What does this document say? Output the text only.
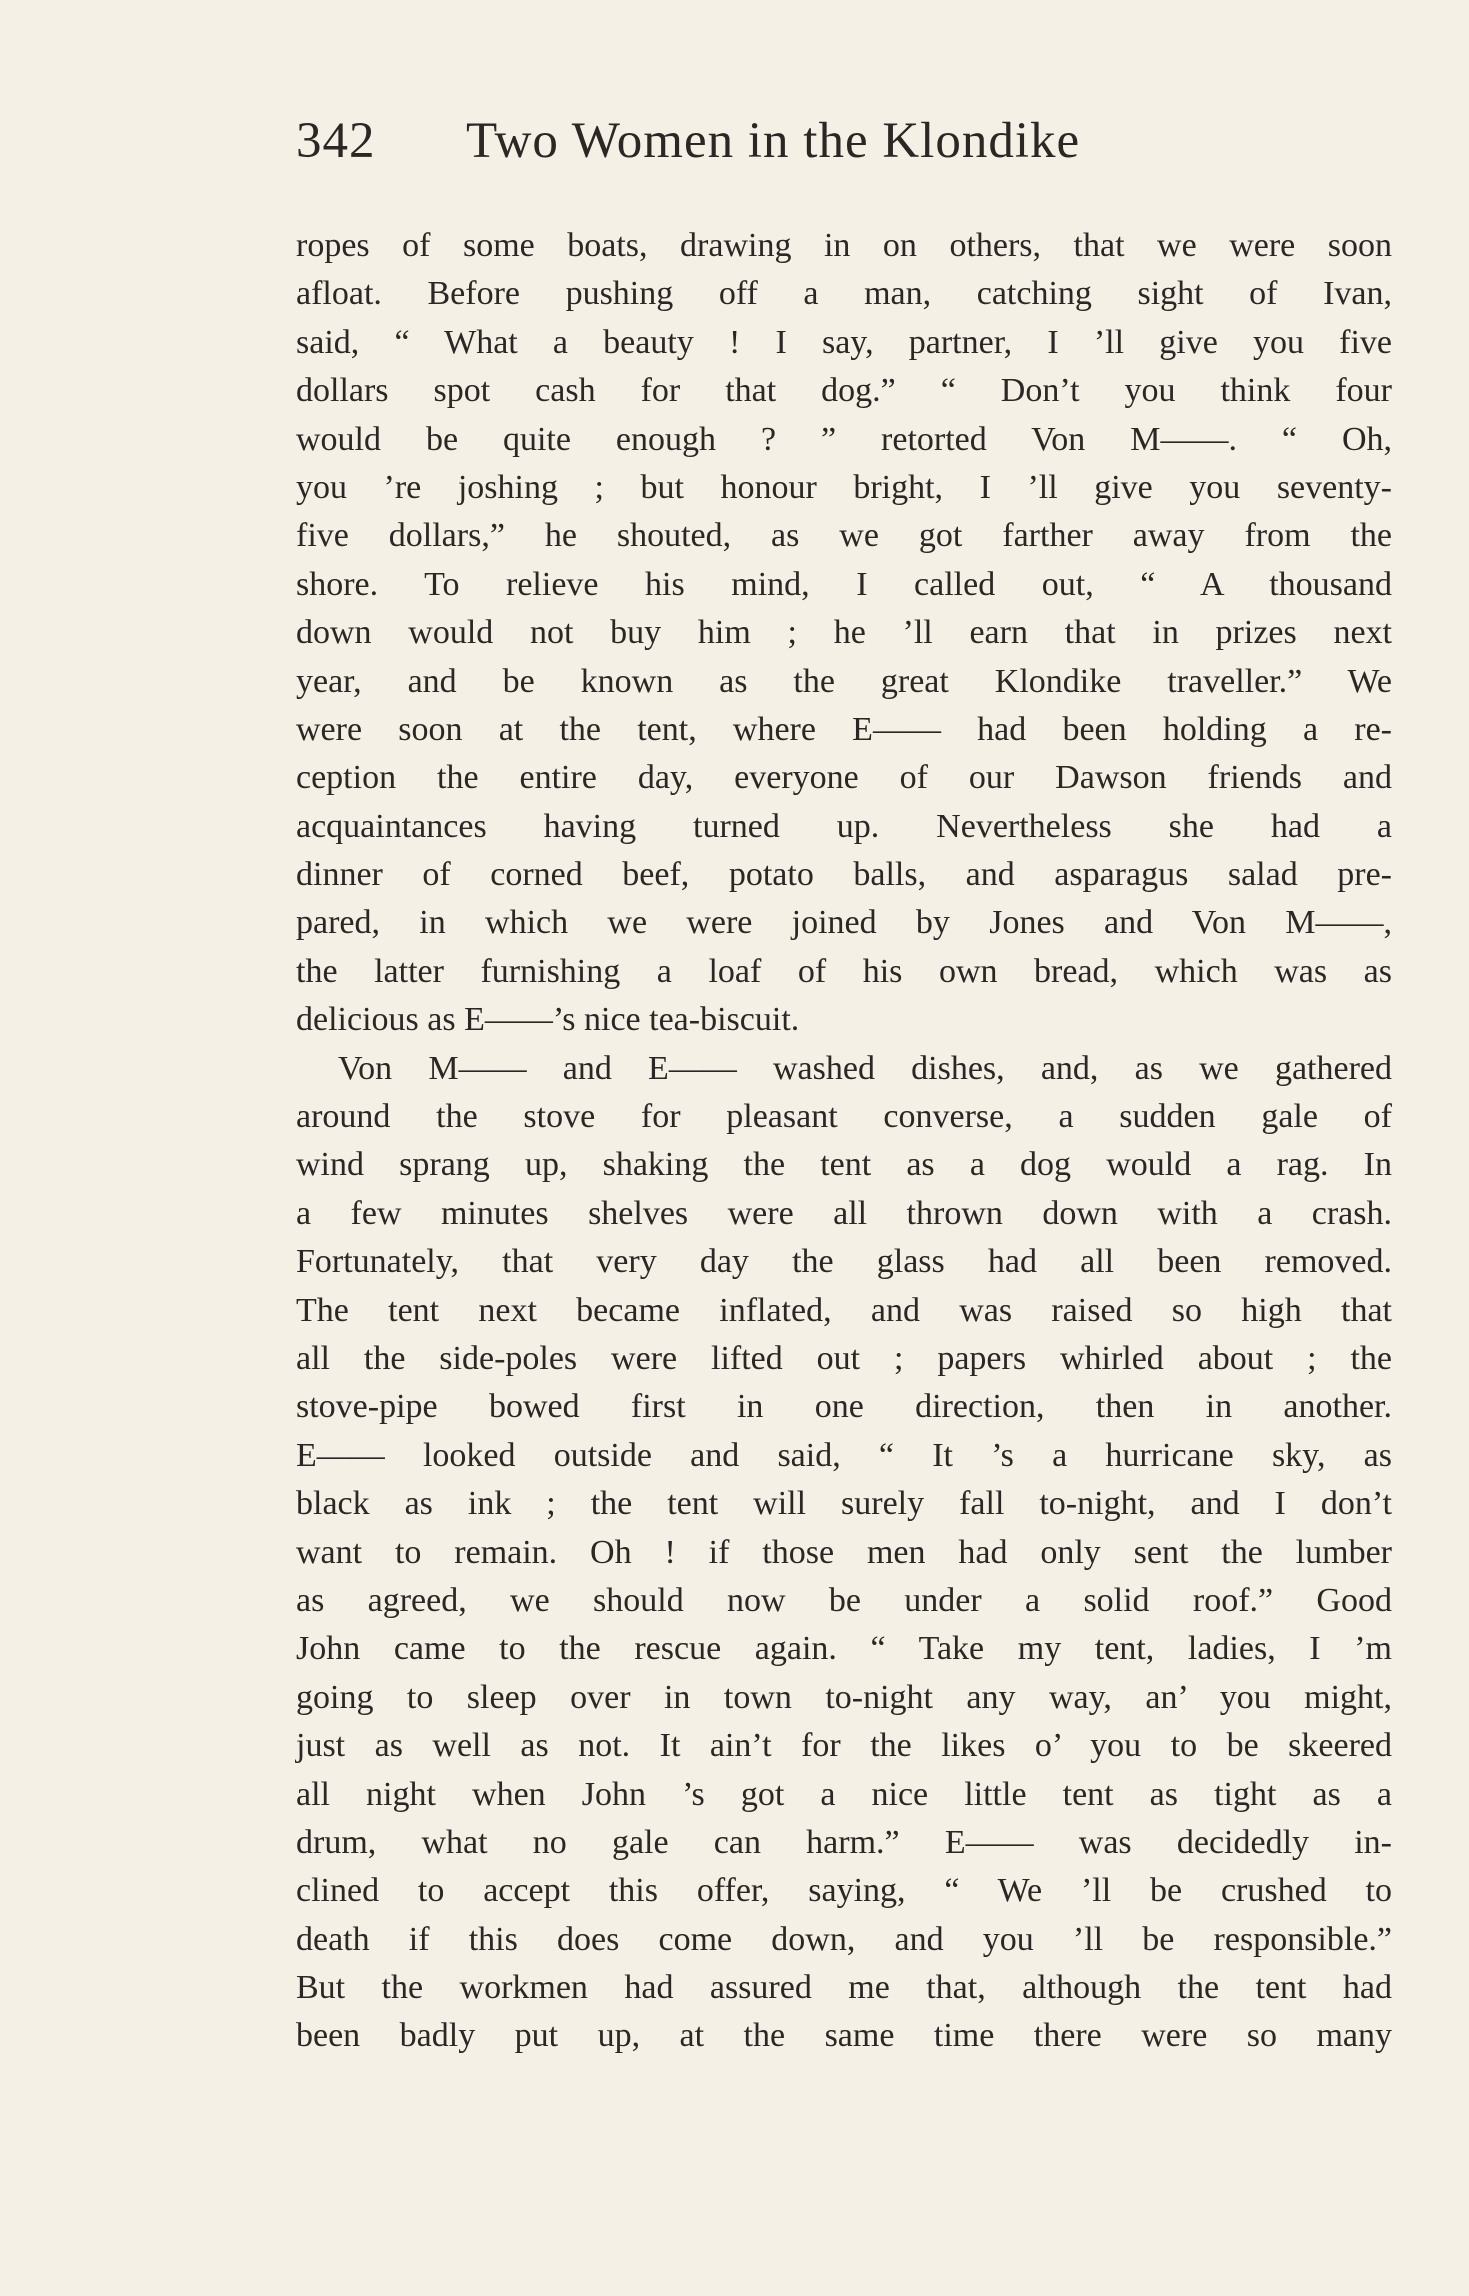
342 Two Women in the Klondike
ropes of some boats, drawing in on others, that we were soon
afloat. Before pushing off a man, catching sight of Ivan,
said, “ What a beauty ! I say, partner, I ’ll give you five
dollars spot cash for that dog.” “ Don’t you think four
would be quite enough ? ” retorted Von M——. “ Oh,
you ’re joshing ; but honour bright, I ’ll give you seventy-
five dollars,” he shouted, as we got farther away from the
shore. To relieve his mind, I called out, “ A thousand
down would not buy him ; he ’ll earn that in prizes next
year, and be known as the great Klondike traveller.” We
were soon at the tent, where E—— had been holding a re-
ception the entire day, everyone of our Dawson friends and
acquaintances having turned up. Nevertheless she had a
dinner of corned beef, potato balls, and asparagus salad pre-
pared, in which we were joined by Jones and Von M——,
the latter furnishing a loaf of his own bread, which was as
delicious as E——’s nice tea-biscuit.
Von M—— and E—— washed dishes, and, as we gathered
around the stove for pleasant converse, a sudden gale of
wind sprang up, shaking the tent as a dog would a rag. In
a few minutes shelves were all thrown down with a crash.
Fortunately, that very day the glass had all been removed.
The tent next became inflated, and was raised so high that
all the side-poles were lifted out ; papers whirled about ; the
stove-pipe bowed first in one direction, then in another.
E—— looked outside and said, “ It ’s a hurricane sky, as
black as ink ; the tent will surely fall to-night, and I don’t
want to remain. Oh ! if those men had only sent the lumber
as agreed, we should now be under a solid roof.” Good
John came to the rescue again. “ Take my tent, ladies, I ’m
going to sleep over in town to-night any way, an’ you might,
just as well as not. It ain’t for the likes o’ you to be skeered
all night when John ’s got a nice little tent as tight as a
drum, what no gale can harm.” E—— was decidedly in-
clined to accept this offer, saying, “ We ’ll be crushed to
death if this does come down, and you ’ll be responsible.”
But the workmen had assured me that, although the tent had
been badly put up, at the same time there were so many
